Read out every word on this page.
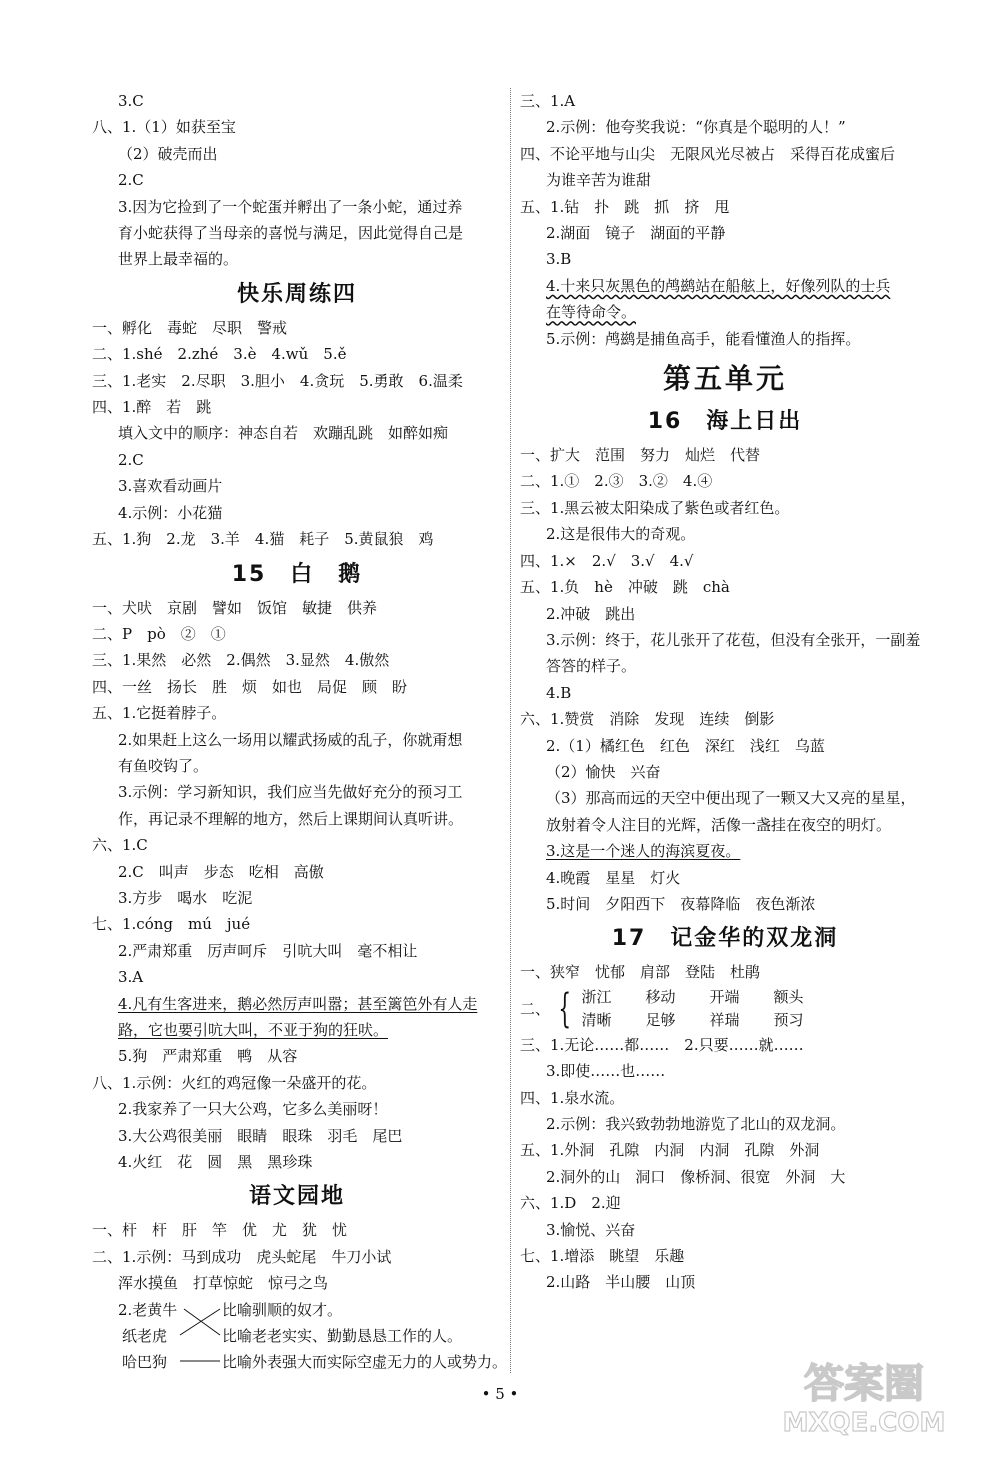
3.C
八、1.（1）如获至宝
（2）破壳而出
2.C
3.因为它捡到了一个蛇蛋并孵出了一条小蛇，通过养
育小蛇获得了当母亲的喜悦与满足，因此觉得自己是
世界上最幸福的。
快乐周练四
一、孵化　毒蛇　尽职　警戒
二、1.shé　2.zhé　3.è　4.wǔ　5.ě
三、1.老实　2.尽职　3.胆小　4.贪玩　5.勇敢　6.温柔
四、1.醉　若　跳
填入文中的顺序：神态自若　欢蹦乱跳　如醉如痴
2.C
3.喜欢看动画片
4.示例：小花猫
五、1.狗　2.龙　3.羊　4.猫　耗子　5.黄鼠狼　鸡
15　白　鹅
一、犬吠　京剧　譬如　饭馆　敏捷　供养
二、P　pò　②　①
三、1.果然　必然　2.偶然　3.显然　4.傲然
四、一丝　扬长　胜　烦　如也　局促　顾　盼
五、1.它挺着脖子。
2.如果赶上这么一场用以耀武扬威的乱子，你就甭想
有鱼咬钩了。
3.示例：学习新知识，我们应当先做好充分的预习工
作，再记录不理解的地方，然后上课期间认真听讲。
六、1.C
2.C　叫声　步态　吃相　高傲
3.方步　喝水　吃泥
七、1.cóng　mú　jué
2.严肃郑重　厉声呵斥　引吭大叫　毫不相让
3.A
4.凡有生客进来，鹅必然厉声叫嚣；甚至篱笆外有人走
路，它也要引吭大叫，不亚于狗的狂吠。
5.狗　严肃郑重　鸭　从容
八、1.示例：火红的鸡冠像一朵盛开的花。
2.我家养了一只大公鸡，它多么美丽呀！
3.大公鸡很美丽　眼睛　眼珠　羽毛　尾巴
4.火红　花　圆　黑　黑珍珠
语文园地
一、杆　杆　肝　竿　优　尤　犹　忧
二、1.示例：马到成功　虎头蛇尾　牛刀小试
浑水摸鱼　打草惊蛇　惊弓之鸟
2.老黄牛	比喻驯顺的奴才。
纸老虎	比喻老老实实、勤勤恳恳工作的人。
哈巴狗	比喻外表强大而实际空虚无力的人或势力。
三、1.A
2.示例：他夸奖我说：“你真是个聪明的人！”
四、不论平地与山尖　无限风光尽被占　采得百花成蜜后
为谁辛苦为谁甜
五、1.钻　扑　跳　抓　挤　甩
2.湖面　镜子　湖面的平静
3.B
4.十来只灰黑色的鸬鹚站在船舷上，好像列队的士兵
在等待命令。
5.示例：鸬鹚是捕鱼高手，能看懂渔人的指挥。
第五单元
16　海上日出
一、扩大　范围　努力　灿烂　代替
二、1.①　2.③　3.②　4.④
三、1.黑云被太阳染成了紫色或者红色。
2.这是很伟大的奇观。
四、1.×　2.√　3.√　4.√
五、1.负　hè　冲破　跳　chà
2.冲破　跳出
3.示例：终于，花儿张开了花苞，但没有全张开，一副羞
答答的样子。
4.B
六、1.赞赏　消除　发现　连续　倒影
2.（1）橘红色　红色　深红　浅红　乌蓝
（2）愉快　兴奋
（3）那高而远的天空中便出现了一颗又大又亮的星星，
放射着令人注目的光辉，活像一盏挂在夜空的明灯。
3.这是一个迷人的海滨夏夜。
4.晚霞　星星　灯火
5.时间　夕阳西下　夜幕降临　夜色渐浓
17　记金华的双龙洞
一、狭窄　忧郁　肩部　登陆　杜鹃
二、 { 浙江	移动	开端	额头
清晰	足够	祥瑞	预习
三、1.无论……都……　2.只要……就……
3.即使……也……
四、1.泉水流。
2.示例：我兴致勃勃地游览了北山的双龙洞。
五、1.外洞　孔隙　内洞　内洞　孔隙　外洞
2.洞外的山　洞口　像桥洞、很宽　外洞　大
六、1.D　2.迎
3.愉悦、兴奋
七、1.增添　眺望　乐趣
2.山路　半山腰　山顶
• 5 •	答案圈
MXQE.COM
